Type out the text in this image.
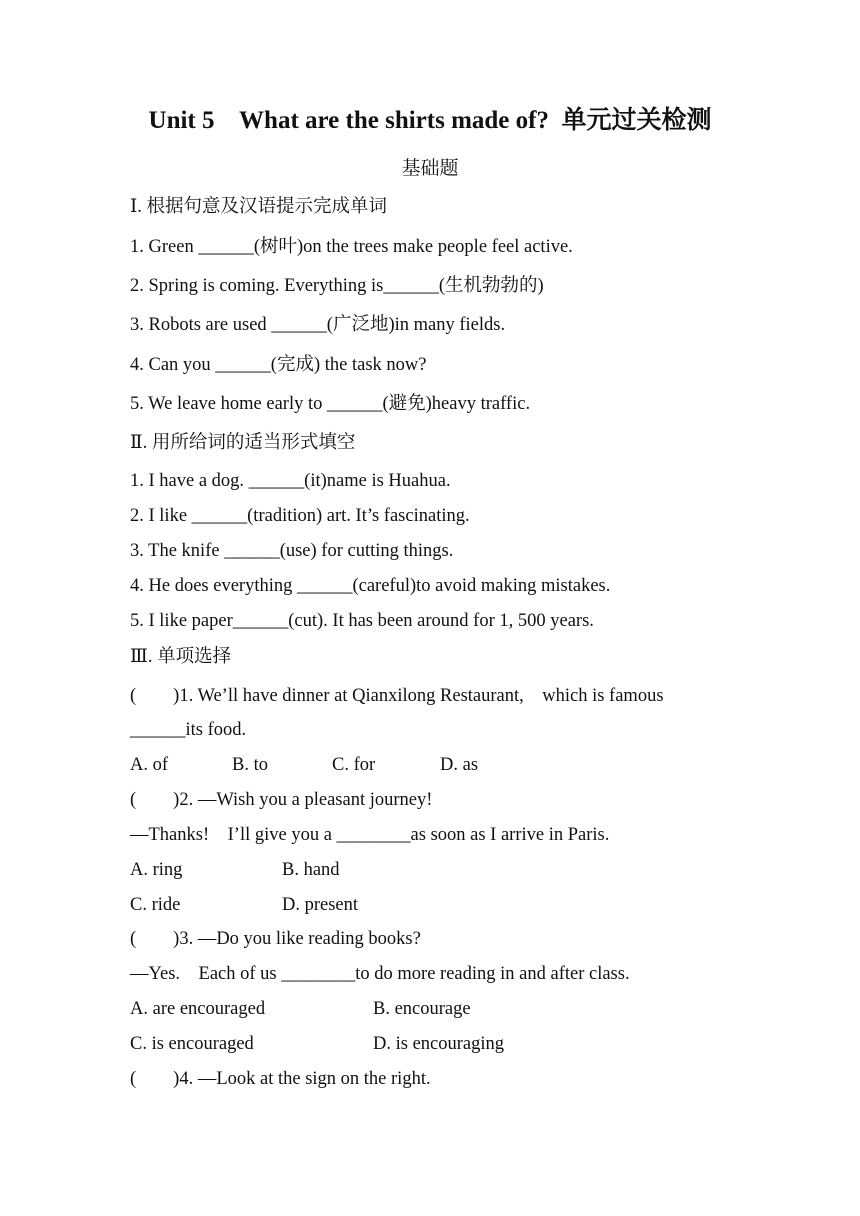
Unit 5    What are the shirts made of?  单元过关检测
基础题
Ⅰ. 根据句意及汉语提示完成单词
1. Green ______(树叶)on the trees make people feel active.
2. Spring is coming. Everything is______(生机勃勃的)
3. Robots are used ______(广泛地)in many fields.
4. Can you ______(完成) the task now?
5. We leave home early to ______(避免)heavy traffic.
Ⅱ. 用所给词的适当形式填空
1. I have a dog. ______(it)name is Huahua.
2. I like ______(tradition) art. It’s fascinating.
3. The knife ______(use) for cutting things.
4. He does everything ______(careful)to avoid making mistakes.
5. I like paper______(cut). It has been around for 1, 500 years.
Ⅲ. 单项选择
(        )1. We’ll have dinner at Qianxilong Restaurant,    which is famous
______its food.
A. of	B. to	C. for	D. as
(        )2. —Wish you a pleasant journey!
—Thanks!    I’ll give you a ________as soon as I arrive in Paris.
A. ring	B. hand
C. ride	D. present
(        )3. —Do you like reading books?
—Yes.    Each of us ________to do more reading in and after class.
A. are encouraged	B. encourage
C. is encouraged	D. is encouraging
(        )4. —Look at the sign on the right.
